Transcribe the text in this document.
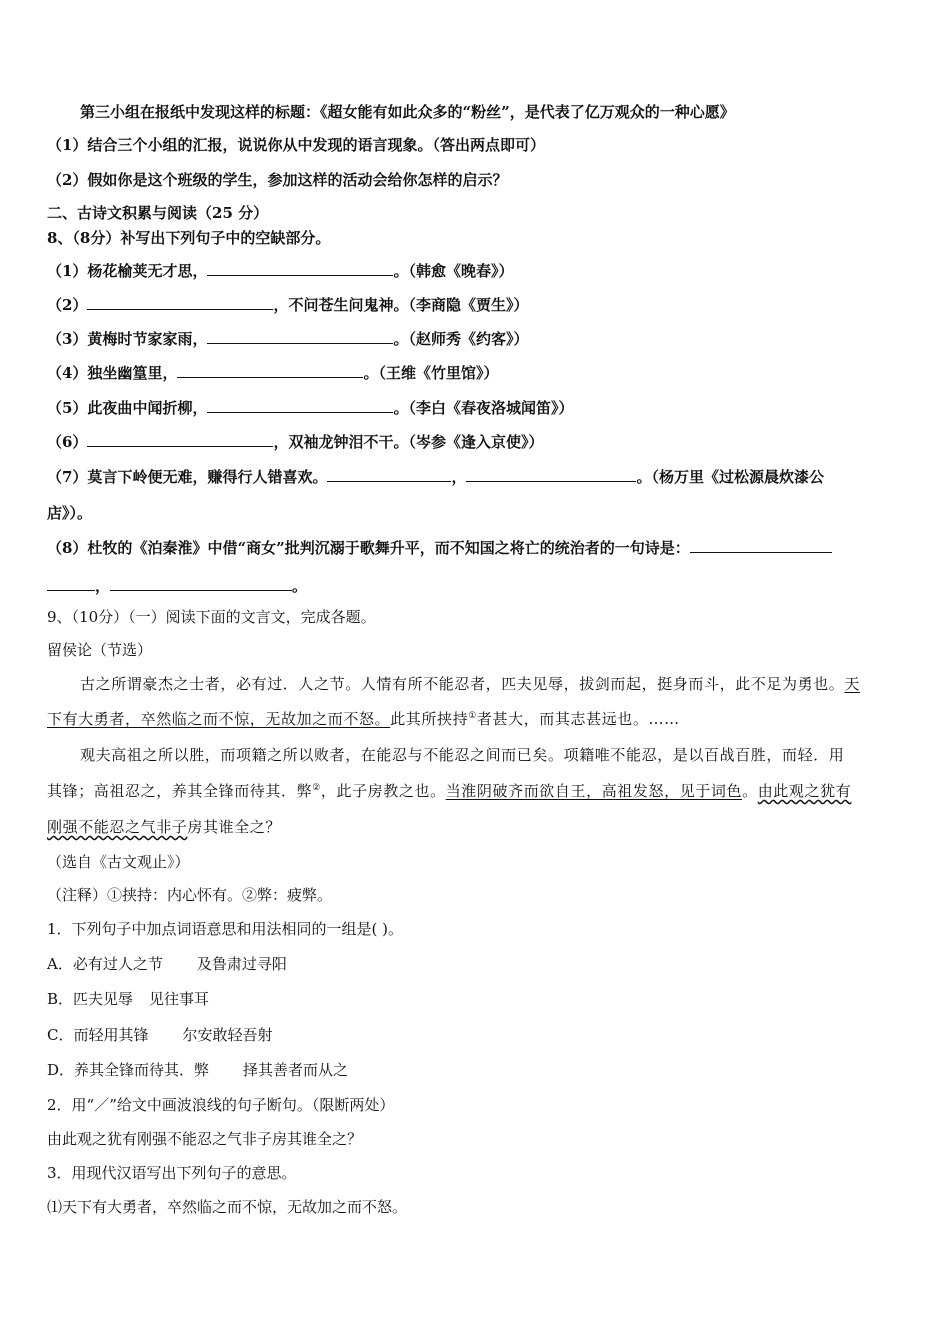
第三小组在报纸中发现这样的标题：《超女能有如此众多的“粉丝”，是代表了亿万观众的一种心愿》
（1）结合三个小组的汇报，说说你从中发现的语言现象。（答出两点即可）
（2）假如你是这个班级的学生，参加这样的活动会给你怎样的启示？
二、古诗文积累与阅读（25 分）
8、（8分）补写出下列句子中的空缺部分。
（1）杨花榆荚无才思，	。（韩愈《晚春》）
（2）	，不问苍生问鬼神。（李商隐《贾生》）
（3）黄梅时节家家雨，	。（赵师秀《约客》）
（4）独坐幽篁里，	。（王维《竹里馆》）
（5）此夜曲中闻折柳，	。（李白《春夜洛城闻笛》）
（6）	，双袖龙钟泪不干。（岑参《逢入京使》）
（7）莫言下岭便无难，赚得行人错喜欢。	，	。（杨万里《过松源晨炊漆公
店》）。
（8）杜牧的《泊秦淮》中借“商女”批判沉溺于歌舞升平，而不知国之将亡的统治者的一句诗是：
，	。
9、（10分）（一）阅读下面的文言文，完成各题。
留侯论（节选）
古之所谓豪杰之士者，必有过．人之节。人情有所不能忍者，匹夫见辱，拔剑而起，挺身而斗，此不足为勇也。天
下有大勇者，卒然临之而不惊，无故加之而不怒。此其所挟持①者甚大，而其志甚远也。……
观夫高祖之所以胜，而项籍之所以败者，在能忍与不能忍之间而已矣。项籍唯不能忍，是以百战百胜，而轻．用
其锋；高祖忍之，养其全锋而待其．弊②，此子房教之也。当淮阴破齐而欲自王，高祖发怒，见于词色。由此观之犹有
刚强不能忍之气非子房其谁全之？
（选自《古文观止》）
（注释）①挟持：内心怀有。②弊：疲弊。
1．下列句子中加点词语意思和用法相同的一组是( )。
A．必有过人之节 及鲁肃过寻阳
B．匹夫见辱 见往事耳
C．而轻用其锋 尔安敢轻吾射
D．养其全锋而待其．弊 择其善者而从之
2．用“／”给文中画波浪线的句子断句。（限断两处）
由此观之犹有刚强不能忍之气非子房其谁全之？
3．用现代汉语写出下列句子的意思。
⑴天下有大勇者，卒然临之而不惊，无故加之而不怒。
